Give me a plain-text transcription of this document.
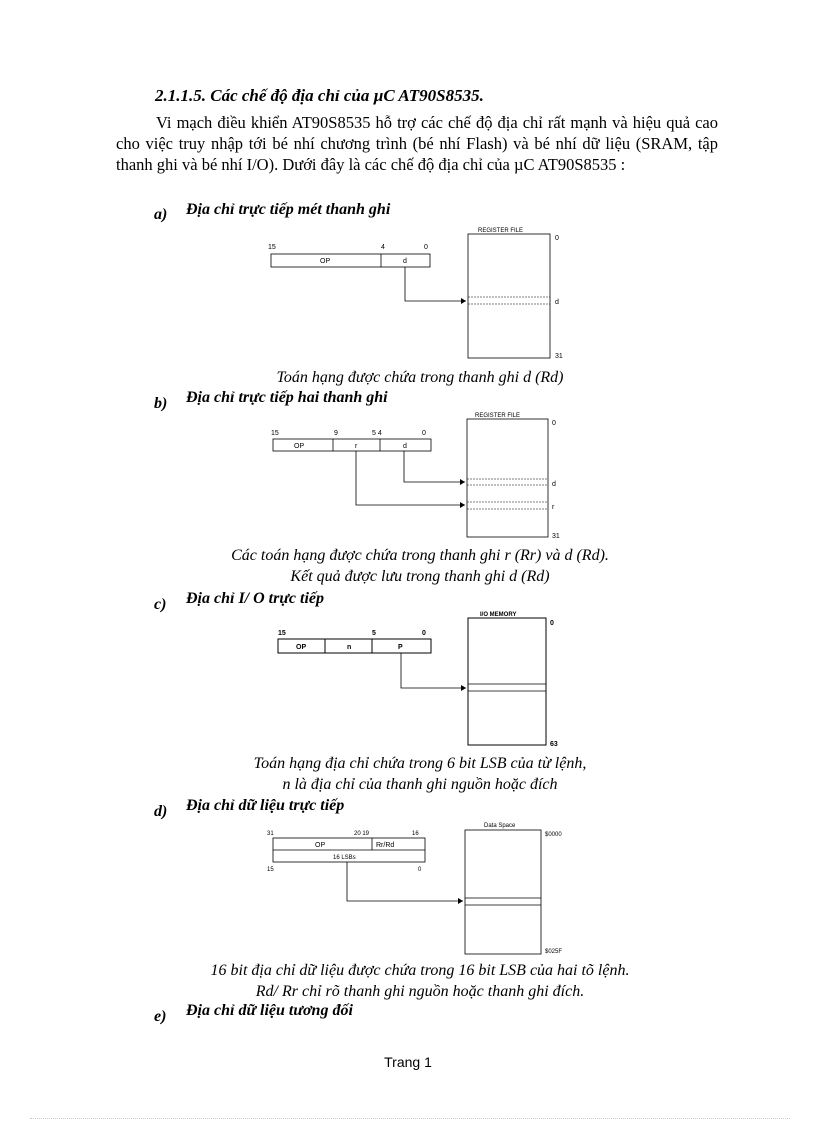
2.1.1.5. Các chế độ địa chỉ của µC AT90S8535.

Vi mạch điều khiển AT90S8535 hỗ trợ các chế độ địa chỉ rất mạnh và hiệu quả cao cho việc truy nhập tới bé nhí chương trình (bé nhí Flash) và bé nhí dữ liệu (SRAM, tập thanh ghi và bé nhí I/O). Dưới đây là các chế độ địa chỉ của µC AT90S8535 :

a) Địa chỉ trực tiếp mét thanh ghi
15	4	0
OP	d
REGISTER FILE
0
d
31
Toán hạng được chứa trong thanh ghi d (Rd)
b) Địa chỉ trực tiếp hai thanh ghi
15	9	5 4	0
OP	r	d
REGISTER FILE
0
d
r
31
Các toán hạng được chứa trong thanh ghi r (Rr) và d (Rd).
Kết quả được lưu trong thanh ghi d (Rd)
c) Địa chỉ I/ O trực tiếp
15	5	0
OP	n	P
I/O MEMORY
0
63
Toán hạng địa chỉ chứa trong 6 bit LSB của từ lệnh,
n là địa chỉ của thanh ghi nguồn hoặc đích
d) Địa chỉ dữ liệu trực tiếp
31	20 19	16
OP	Rr/Rd
16 LSBs
15	0
Data Space
$0000
$025F
16 bit địa chỉ dữ liệu được chứa trong 16 bit LSB của hai tõ lệnh.
Rd/ Rr chỉ rõ thanh ghi nguồn hoặc thanh ghi đích.
e) Địa chỉ dữ liệu tương đối
Trang 1
